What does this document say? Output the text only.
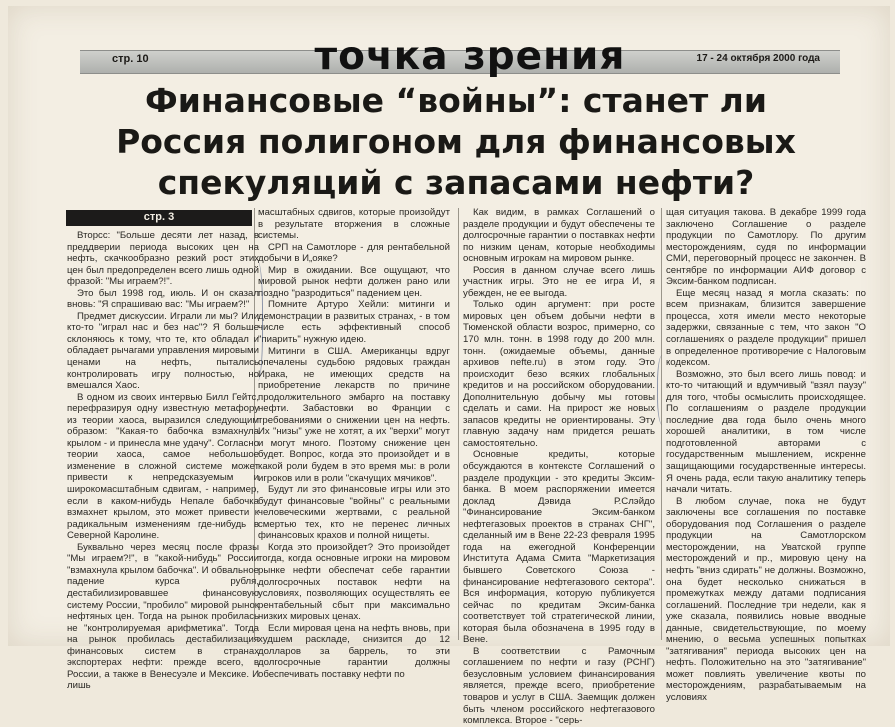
стр. 10	точка зрения	17 - 24 октября 2000 года
Финансовые “войны”: станет ли
Россия полигоном для финансовых
спекуляций с запасами нефти?
стр. 3

Вторсс: "Больше десяти лет назад, в преддверии периода высоких цен на нефть, скачкообразно резкий рост этих цен был предопределен всего лишь одной фразой: "Мы играем?!".

Это был 1998 год, июль. И он сказал вновь: "Я спрашиваю вас: "Мы играем?!"

Предмет дискуссии. Играли ли мы? Или кто-то "играл нас и без нас"? Я больше склоняюсь к тому, что те, кто обладал и обладает рычагами управления мировыми ценами на нефть, пытались контролировать игру полностью, но вмешался Хаос.

В одном из своих интервью Билл Гейтс, перефразируя одну известную метафору из теории хаоса, выразился следующим образом: "Какая-то бабочка взмахнула крылом - и принесла мне удачу". Согласно теории хаоса, самое небольшое изменение в сложной системе может привести к непредсказуемым и широкомасштабным сдвигам, - например, если в каком-нибудь Непале бабочка взмахнет крылом, это может привести к радикальным изменениям где-нибудь в Северной Каролине.

Буквально через месяц после фразы "Мы играем?!", в "какой-нибудь" России "взмахнула крылом бабочка". И обвальное падение курса рубля, дестабилизировавшее финансовую систему России, "пробило" мировой рынок нефтяных цен. Тогда на рынок пробилась не "контролируемая арифметика". Тогда на рынок пробилась дестабилизация финансовых систем в странах экспортерах нефти: прежде всего, в России, а также в Венесуэле и Мексике. И лишь

масштабных сдвигов, которые произойдут в результате вторжения в сложные системы.

СРП на Самотлоре - для рентабельной добычи в И„ояке?

Мир в ожидании. Все ощущают, что мировой рынок нефти должен рано или поздно "разродиться" падением цен.

Помните Артуро Хейли: митинги и демонстрации в развитых странах, - в том числе есть эффективный способ "пиарить" нужную идею.

Митинги в США. Американцы вдруг опечалены судьбою рядовых граждан Ирака, не имеющих средств на приобретение лекарств по причине продолжительного эмбарго на поставку нефти. Забастовки во Франции с требованиями о снижении цен на нефть. Их "низы" уже не хотят, а их "верхи" могут и могут много. Поэтому снижение цен будет. Вопрос, когда это произойдет и в какой роли будем в это время мы: в роли игроков или в роли "скачущих мячиков".

Будут ли это финансовые игры или это будут финансовые "войны" с реальными человеческими жертвами, с реальной смертью тех, кто не перенес личных финансовых крахов и полной нищеты.

Когда это произойдет? Это произойдет тогда, когда основные игроки на мировом рынке нефти обеспечат себе гарантии долгосрочных поставок нефти на условиях, позволяющих осуществлять ее рентабельный сбыт при максимально низких мировых ценах.

Если мировая цена на нефть вновь, при худшем раскладе, снизится до 12 долларов за баррель, то эти долгосрочные гарантии должны обеспечивать поставку нефти по

Как видим, в рамках Соглашений о разделе продукции и будут обеспечены те долгосрочные гарантии о поставках нефти по низким ценам, которые необходимы основным игрокам на мировом рынке.

Россия в данном случае всего лишь участник игры. Это не ее игра И, я убежден, не ее выгода.

Только один аргумент: при росте мировых цен объем добычи нефти в Тюменской области возрос, примерно, со 170 млн. тонн. в 1998 году до 200 млн. тонн. (ожидаемые объемы, данные архивов nefte.ru) в этом году. Это происходит безо всяких глобальных кредитов и на российском оборудовании. Дополнительную добычу мы готовы сделать и сами. На прирост же новых запасов кредиты не ориентированы. Эту главную задачу нам придется решать самостоятельно.

Основные кредиты, которые обсуждаются в контексте Соглашений о разделе продукции - это кредиты Эксим-банка. В моем распоряжении имеется доклад Дэвида Р.Слэйдо "Финансирование Эксим-банком нефтегазовых проектов в странах СНГ", сделанный им в Вене 22-23 февраля 1995 года на ежегодной Конференции Института Адама Смита "Маркетизация бывшего Советского Союза - финансирование нефтегазового сектора". Вся информация, которую публикуется сейчас по кредитам Эксим-банка соответствует той стратегической линии, которая была обозначена в 1995 году в Вене.

В соответствии с Рамочным соглашением по нефти и газу (РСНГ) безусловным условием финансирования является, прежде всего, приобретение товаров и услуг в США. Заемщик должен быть членом российского нефтегазового комплекса. Второе - "серь-

щая ситуация такова. В декабре 1999 года заключено Соглашение о разделе продукции по Самотлору. По другим месторождениям, судя по информации СМИ, переговорный процесс не закончен. В сентябре по информации АИФ договор с Эксим-банком подписан.

Еще месяц назад я могла сказать: по всем признакам, близится завершение процесса, хотя имели место некоторые задержки, связанные с тем, что закон "О соглашениях о разделе продукции" пришел в определенное противоречие с Налоговым кодексом.

Возможно, это был всего лишь повод: и кто-то читающий и вдумчивый "взял паузу" для того, чтобы осмыслить происходящее. По соглашениям о разделе продукции последние два года было очень много хорошей аналитики, в том числе подготовленной авторами с государственным мышлением, искренне защищающими государственные интересы. Я очень рада, если такую аналитику теперь начали читать.

В любом случае, пока не будут заключены все соглашения по поставке оборудования под Соглашения о разделе продукции на Самотлорском месторождении, на Уватской группе месторождений и пр., мировую цену на нефть "вниз сдирать" не должны. Возможно, она будет несколько снижаться в промежутках между датами подписания соглашений. Последние три недели, как я уже сказала, появились новые вводные данные, свидетельствующие, по моему мнению, о весьма успешных попытках "затягивания" периода высоких цен на нефть. Положительно на это "затягивание" может повлиять увеличение квоты по месторождениям, разрабатываемым на условиях
